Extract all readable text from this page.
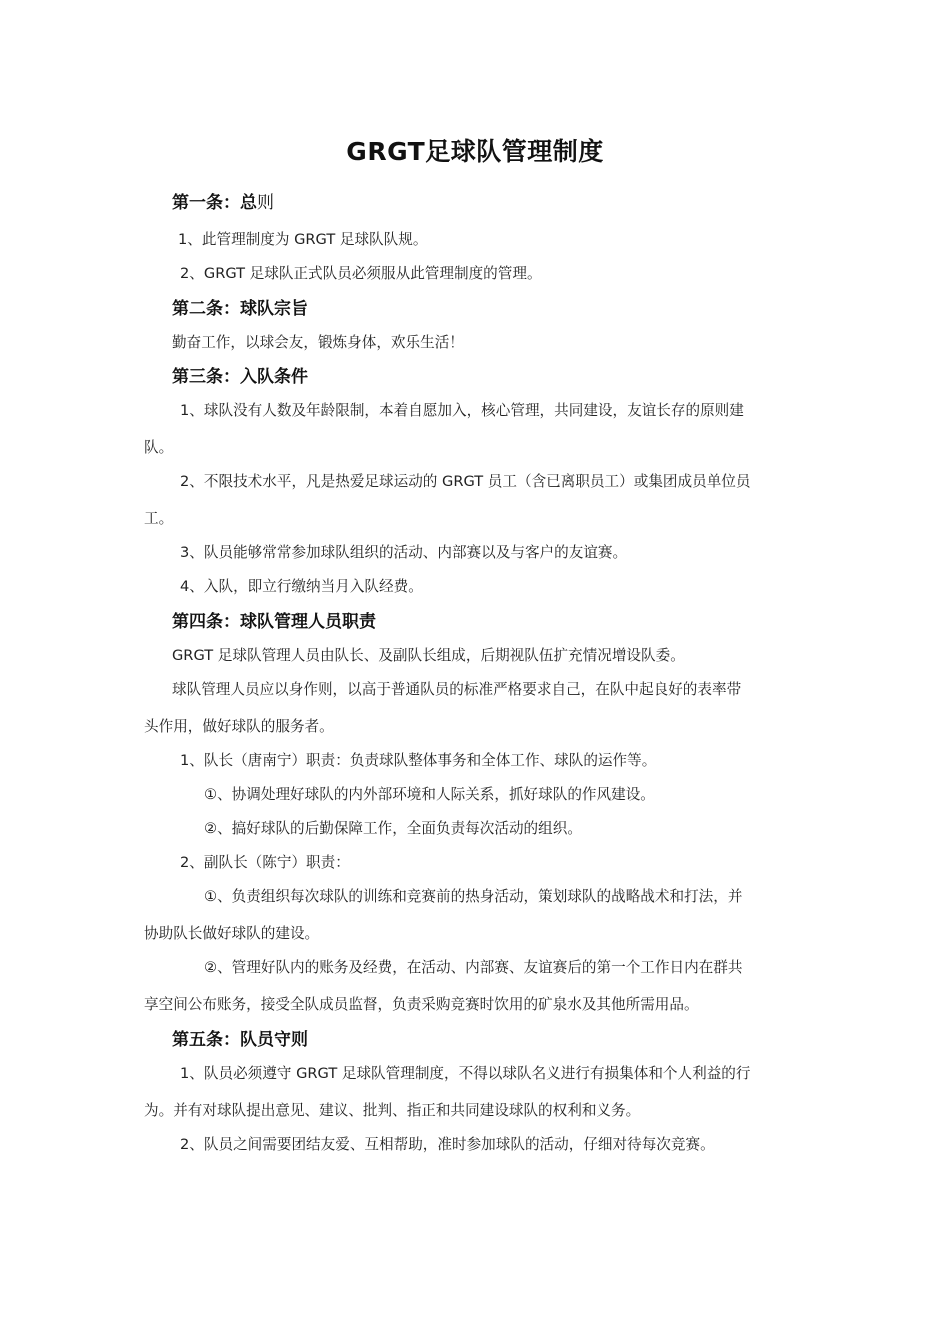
GRGT足球队管理制度
第一条：总则
1、此管理制度为 GRGT 足球队队规。
2、GRGT 足球队正式队员必须服从此管理制度的管理。
第二条：球队宗旨
勤奋工作，以球会友，锻炼身体，欢乐生活！
第三条：入队条件
1、球队没有人数及年龄限制，本着自愿加入，核心管理，共同建设，友谊长存的原则建
队。
2、不限技术水平，凡是热爱足球运动的 GRGT 员工（含已离职员工）或集团成员单位员
工。
3、队员能够常常参加球队组织的活动、内部赛以及与客户的友谊赛。
4、入队，即立行缴纳当月入队经费。
第四条：球队管理人员职责
GRGT 足球队管理人员由队长、及副队长组成，后期视队伍扩充情况增设队委。
球队管理人员应以身作则，以高于普通队员的标准严格要求自己，在队中起良好的表率带
头作用，做好球队的服务者。
1、队长（唐南宁）职责：负责球队整体事务和全体工作、球队的运作等。
①、协调处理好球队的内外部环境和人际关系，抓好球队的作风建设。
②、搞好球队的后勤保障工作，全面负责每次活动的组织。
2、副队长（陈宁）职责：
①、负责组织每次球队的训练和竞赛前的热身活动，策划球队的战略战术和打法，并
协助队长做好球队的建设。
②、管理好队内的账务及经费，在活动、内部赛、友谊赛后的第一个工作日内在群共
享空间公布账务，接受全队成员监督，负责采购竞赛时饮用的矿泉水及其他所需用品。
第五条：队员守则
1、队员必须遵守 GRGT 足球队管理制度，不得以球队名义进行有损集体和个人利益的行
为。并有对球队提出意见、建议、批判、指正和共同建设球队的权利和义务。
2、队员之间需要团结友爱、互相帮助，准时参加球队的活动，仔细对待每次竞赛。
